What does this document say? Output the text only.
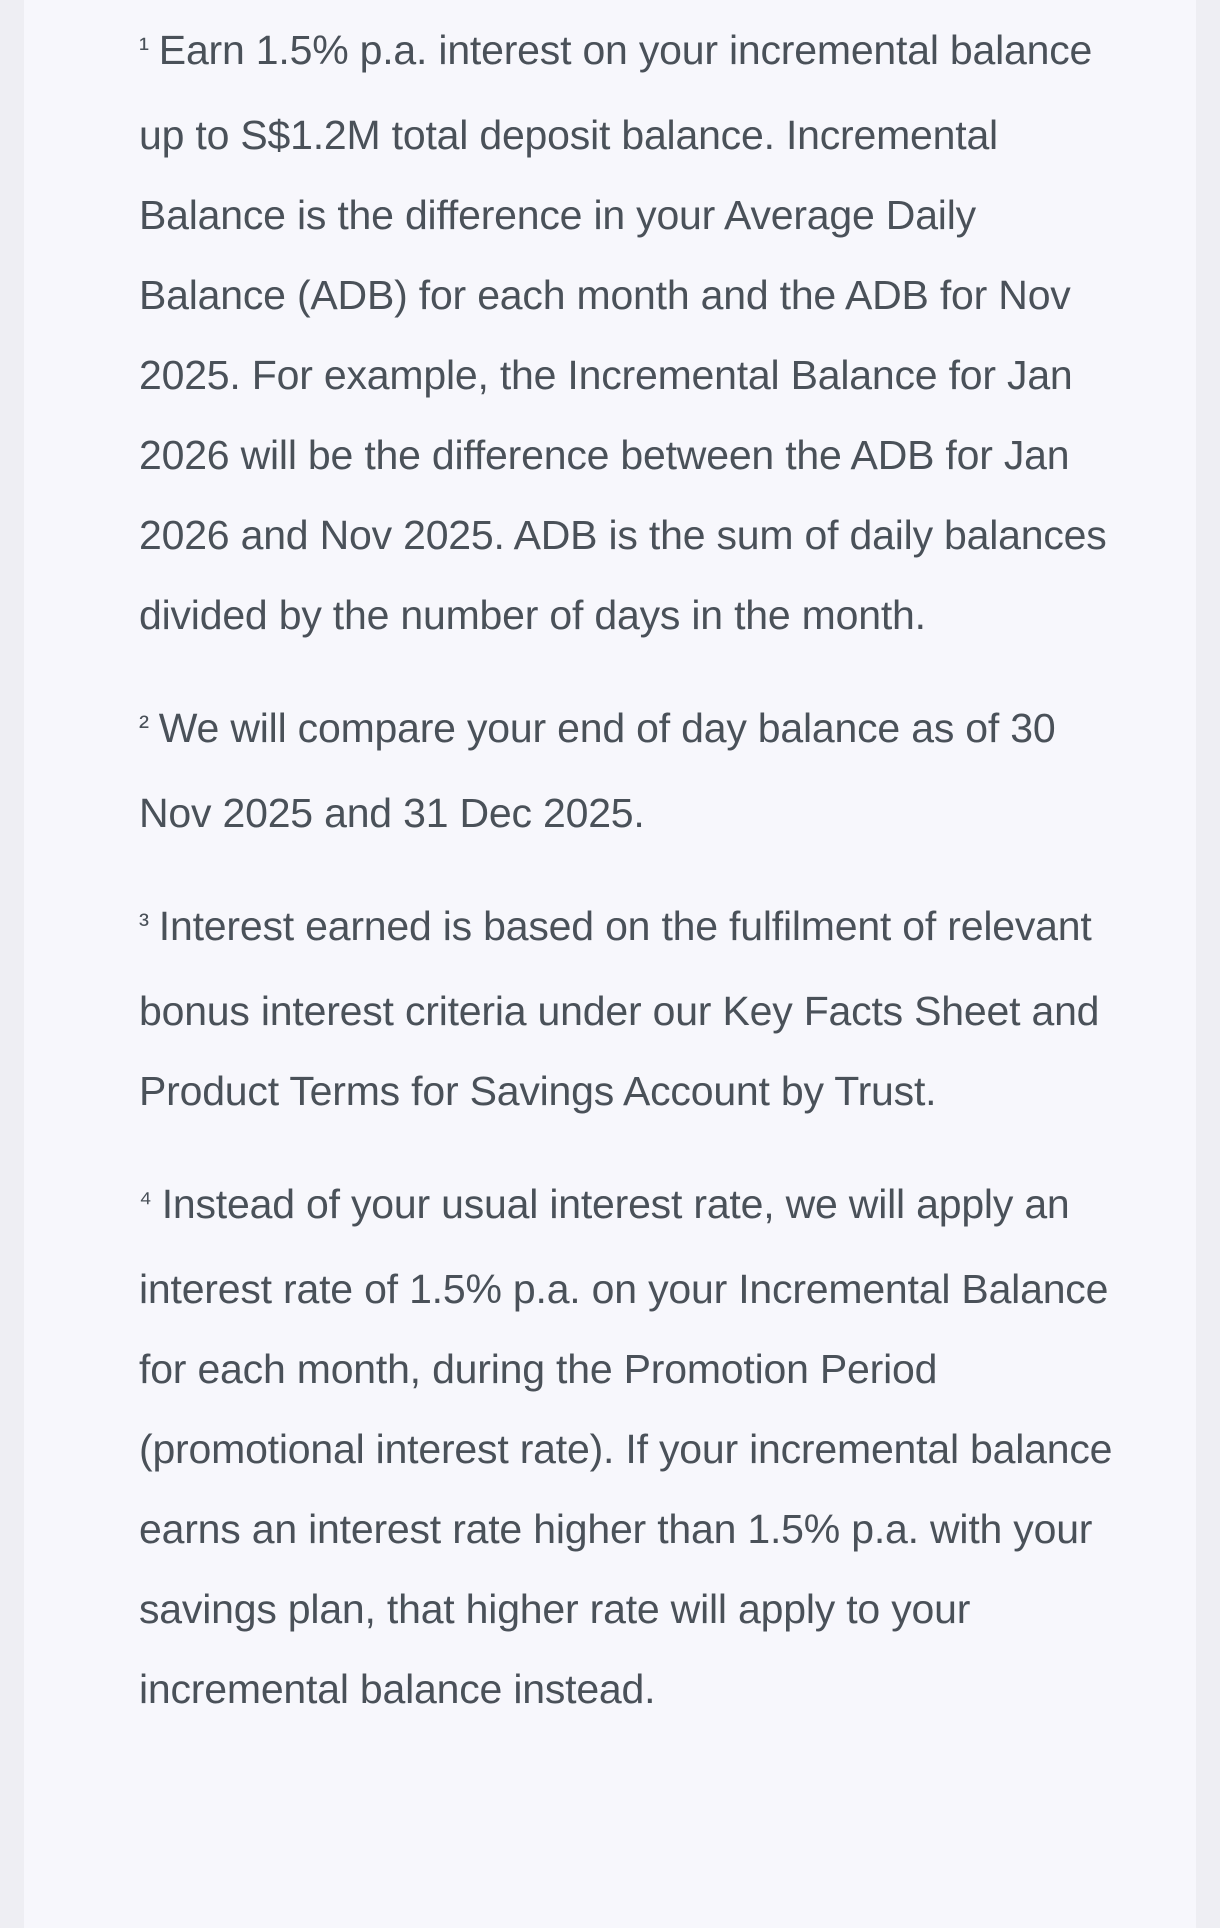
¹ Earn 1.5% p.a. interest on your incremental balance up to S$1.2M total deposit balance. Incremental Balance is the difference in your Average Daily Balance (ADB) for each month and the ADB for Nov 2025. For example, the Incremental Balance for Jan 2026 will be the difference between the ADB for Jan 2026 and Nov 2025. ADB is the sum of daily balances divided by the number of days in the month.

² We will compare your end of day balance as of 30 Nov 2025 and 31 Dec 2025.

³ Interest earned is based on the fulfilment of relevant bonus interest criteria under our Key Facts Sheet and Product Terms for Savings Account by Trust.

⁴ Instead of your usual interest rate, we will apply an interest rate of 1.5% p.a. on your Incremental Balance for each month, during the Promotion Period (promotional interest rate). If your incremental balance earns an interest rate higher than 1.5% p.a. with your savings plan, that higher rate will apply to your incremental balance instead.
